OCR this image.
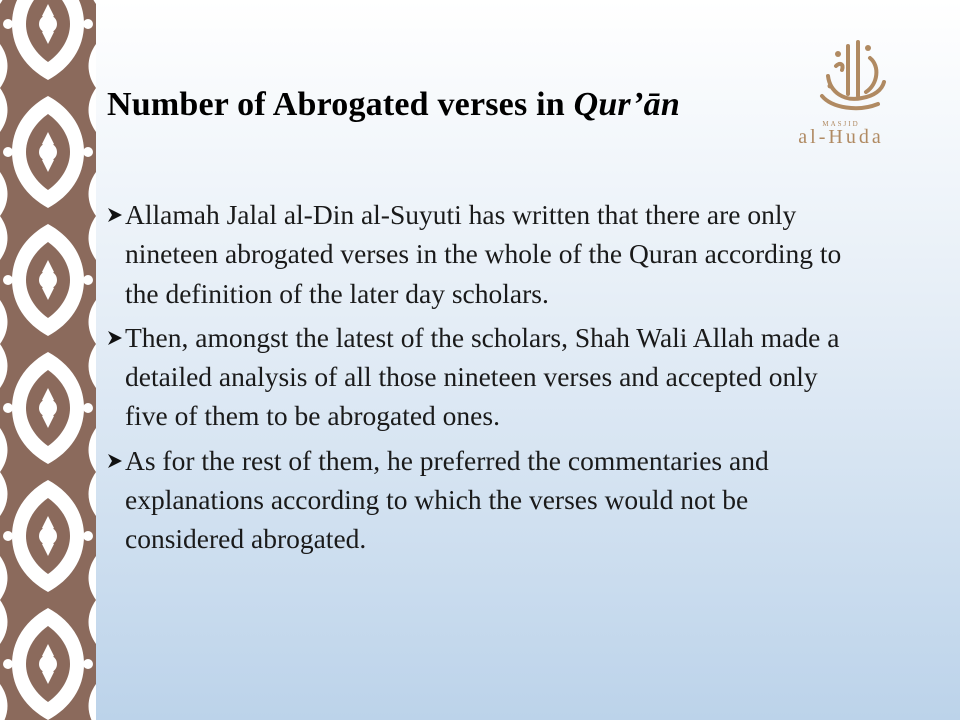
Number of Abrogated verses in Qur’ān
MASJID
al-Huda
Allamah Jalal al-Din al-Suyuti has written that there are only nineteen abrogated verses in the whole of the Quran according to the definition of the later day scholars.
Then, amongst the latest of the scholars, Shah Wali Allah made a detailed analysis of all those nineteen verses and accepted only five of them to be abrogated ones.
As for the rest of them, he preferred the commentaries and explanations according to which the verses would not be considered abrogated.
